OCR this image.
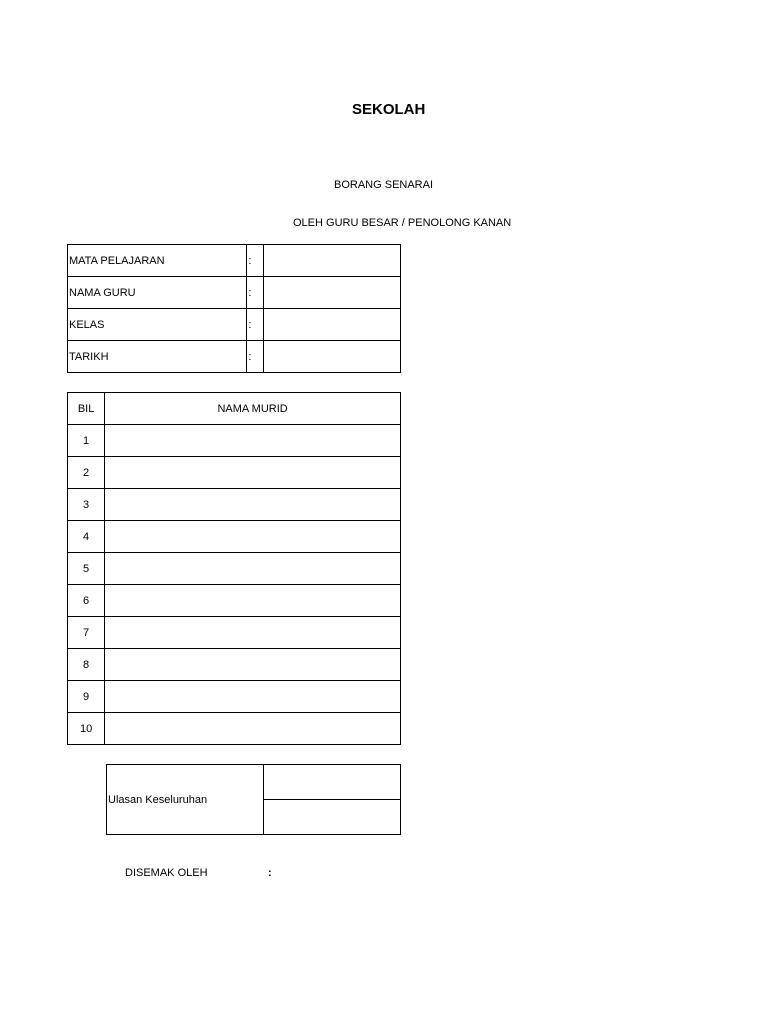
SEKOLAH
BORANG SENARAI
OLEH GURU BESAR / PENOLONG KANAN
MATA PELAJARAN	:	
NAMA GURU	:	
KELAS	:	
TARIKH	:	
BIL	NAMA MURID
1	
2	
3	
4	
5	
6	
7	
8	
9	
10	
Ulasan Keseluruhan	

DISEMAK OLEH	:
